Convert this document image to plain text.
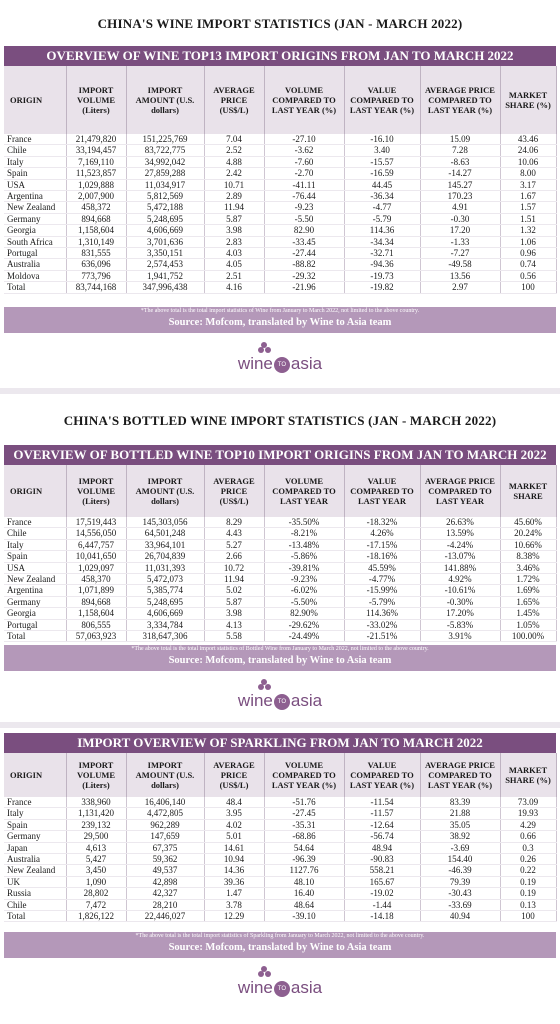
CHINA'S WINE IMPORT STATISTICS (JAN - MARCH 2022)
OVERVIEW OF WINE TOP13 IMPORT ORIGINS FROM JAN TO MARCH 2022
ORIGIN	IMPORT VOLUME (Liters)	IMPORT AMOUNT (U.S. dollars)	AVERAGE PRICE (US$/L)	VOLUME COMPARED TO LAST YEAR (%)	VALUE COMPARED TO LAST YEAR (%)	AVERAGE PRICE COMPARED TO LAST YEAR (%)	MARKET SHARE (%)
France	21,479,820	151,225,769	7.04	-27.10	-16.10	15.09	43.46
Chile	33,194,457	83,722,775	2.52	-3.62	3.40	7.28	24.06
Italy	7,169,110	34,992,042	4.88	-7.60	-15.57	-8.63	10.06
Spain	11,523,857	27,859,288	2.42	-2.70	-16.59	-14.27	8.00
USA	1,029,888	11,034,917	10.71	-41.11	44.45	145.27	3.17
Argentina	2,007,900	5,812,569	2.89	-76.44	-36.34	170.23	1.67
New Zealand	458,372	5,472,188	11.94	-9.23	-4.77	4.91	1.57
Germany	894,668	5,248,695	5.87	-5.50	-5.79	-0.30	1.51
Georgia	1,158,604	4,606,669	3.98	82.90	114.36	17.20	1.32
South Africa	1,310,149	3,701,636	2.83	-33.45	-34.34	-1.33	1.06
Portugal	831,555	3,350,151	4.03	-27.44	-32.71	-7.27	0.96
Australia	636,096	2,574,453	4.05	-88.82	-94.36	-49.58	0.74
Moldova	773,796	1,941,752	2.51	-29.32	-19.73	13.56	0.56
Total	83,744,168	347,996,438	4.16	-21.96	-19.82	2.97	100
*The above total is the total import statistics of Wine from January to March 2022, not limited to the above country.
Source: Mofcom, translated by Wine to Asia team
wine TO asia
CHINA'S BOTTLED WINE IMPORT STATISTICS (JAN - MARCH 2022)
OVERVIEW OF BOTTLED WINE TOP10 IMPORT ORIGINS FROM JAN TO MARCH 2022
ORIGIN	IMPORT VOLUME (Liters)	IMPORT AMOUNT (U.S. dollars)	AVERAGE PRICE (US$/L)	VOLUME COMPARED TO LAST YEAR	VALUE COMPARED TO LAST YEAR	AVERAGE PRICE COMPARED TO LAST YEAR	MARKET SHARE
France	17,519,443	145,303,056	8.29	-35.50%	-18.32%	26.63%	45.60%
Chile	14,556,050	64,501,248	4.43	-8.21%	4.26%	13.59%	20.24%
Italy	6,447,757	33,964,101	5.27	-13.48%	-17.15%	-4.24%	10.66%
Spain	10,041,650	26,704,839	2.66	-5.86%	-18.16%	-13.07%	8.38%
USA	1,029,097	11,031,393	10.72	-39.81%	45.59%	141.88%	3.46%
New Zealand	458,370	5,472,073	11.94	-9.23%	-4.77%	4.92%	1.72%
Argentina	1,071,899	5,385,774	5.02	-6.02%	-15.99%	-10.61%	1.69%
Germany	894,668	5,248,695	5.87	-5.50%	-5.79%	-0.30%	1.65%
Georgia	1,158,604	4,606,669	3.98	82.90%	114.36%	17.20%	1.45%
Portugal	806,555	3,334,784	4.13	-29.62%	-33.02%	-5.83%	1.05%
Total	57,063,923	318,647,306	5.58	-24.49%	-21.51%	3.91%	100.00%
*The above total is the total import statistics of Bottled Wine from January to March 2022, not limited to the above country.
Source: Mofcom, translated by Wine to Asia team
wine TO asia
IMPORT OVERVIEW OF SPARKLING FROM JAN TO MARCH 2022
ORIGIN	IMPORT VOLUME (Liters)	IMPORT AMOUNT (U.S. dollars)	AVERAGE PRICE (US$/L)	VOLUME COMPARED TO LAST YEAR (%)	VALUE COMPARED TO LAST YEAR (%)	AVERAGE PRICE COMPARED TO LAST YEAR (%)	MARKET SHARE (%)
France	338,960	16,406,140	48.4	-51.76	-11.54	83.39	73.09
Italy	1,131,420	4,472,805	3.95	-27.45	-11.57	21.88	19.93
Spain	239,132	962,289	4.02	-35.31	-12.64	35.05	4.29
Germany	29,500	147,659	5.01	-68.86	-56.74	38.92	0.66
Japan	4,613	67,375	14.61	54.64	48.94	-3.69	0.3
Australia	5,427	59,362	10.94	-96.39	-90.83	154.40	0.26
New Zealand	3,450	49,537	14.36	1127.76	558.21	-46.39	0.22
UK	1,090	42,898	39.36	48.10	165.67	79.39	0.19
Russia	28,802	42,327	1.47	16.40	-19.02	-30.43	0.19
Chile	7,472	28,210	3.78	48.64	-1.44	-33.69	0.13
Total	1,826,122	22,446,027	12.29	-39.10	-14.18	40.94	100
*The above total is the total import statistics of Sparkling from January to March 2022, not limited to the above country.
Source: Mofcom, translated by Wine to Asia team
wine TO asia
